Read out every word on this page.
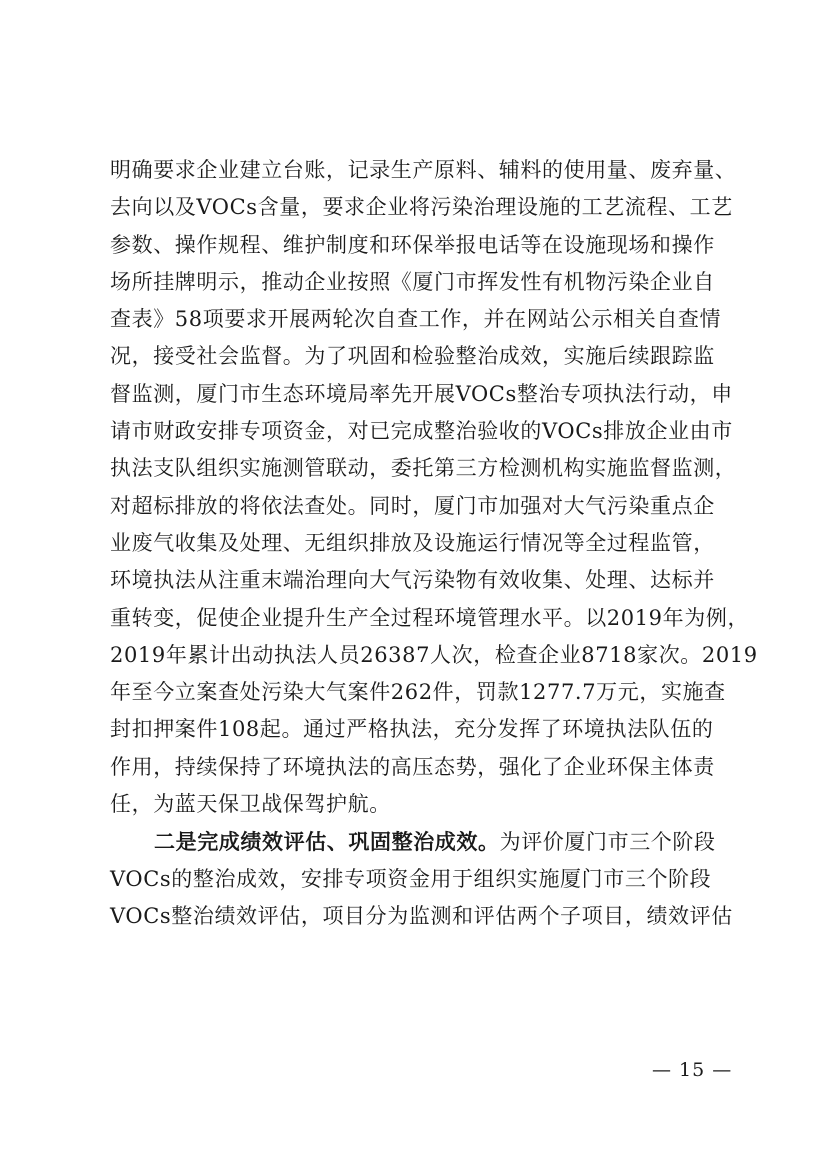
明确要求企业建立台账，记录生产原料、辅料的使用量、废弃量、
去向以及VOCs含量，要求企业将污染治理设施的工艺流程、工艺
参数、操作规程、维护制度和环保举报电话等在设施现场和操作
场所挂牌明示，推动企业按照《厦门市挥发性有机物污染企业自
查表》58项要求开展两轮次自查工作，并在网站公示相关自查情
况，接受社会监督。为了巩固和检验整治成效，实施后续跟踪监
督监测，厦门市生态环境局率先开展VOCs整治专项执法行动，申
请市财政安排专项资金，对已完成整治验收的VOCs排放企业由市
执法支队组织实施测管联动，委托第三方检测机构实施监督监测，
对超标排放的将依法查处。同时，厦门市加强对大气污染重点企
业废气收集及处理、无组织排放及设施运行情况等全过程监管，
环境执法从注重末端治理向大气污染物有效收集、处理、达标并
重转变，促使企业提升生产全过程环境管理水平。以2019年为例，
2019年累计出动执法人员26387人次，检查企业8718家次。2019
年至今立案查处污染大气案件262件，罚款1277.7万元，实施查
封扣押案件108起。通过严格执法，充分发挥了环境执法队伍的
作用，持续保持了环境执法的高压态势，强化了企业环保主体责
任，为蓝天保卫战保驾护航。
二是完成绩效评估、巩固整治成效。为评价厦门市三个阶段
VOCs的整治成效，安排专项资金用于组织实施厦门市三个阶段
VOCs整治绩效评估，项目分为监测和评估两个子项目，绩效评估
— 15 —
